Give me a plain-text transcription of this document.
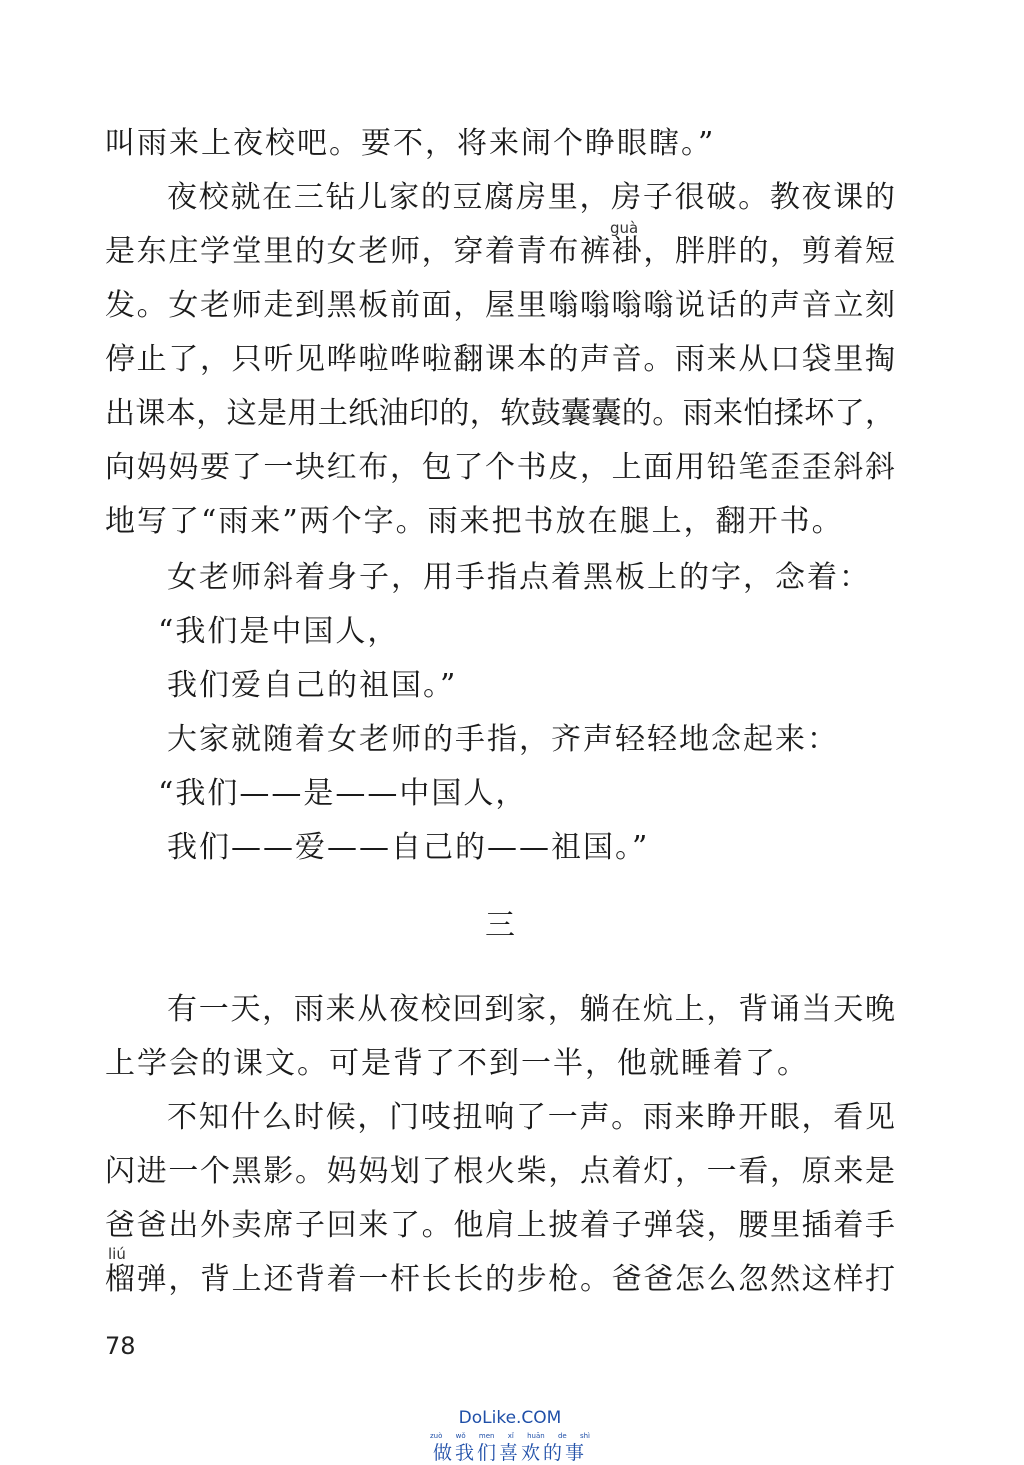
叫雨来上夜校吧。要不，将来闹个睁眼瞎。”
夜校就在三钻儿家的豆腐房里，房子很破。教夜课的
guà
是东庄学堂里的女老师，穿着青布裤褂，胖胖的，剪着短
发。女老师走到黑板前面，屋里嗡嗡嗡嗡说话的声音立刻
停止了，只听见哗啦哗啦翻课本的声音。雨来从口袋里掏
出课本，这是用土纸油印的，软鼓囊囊的。雨来怕揉坏了，
向妈妈要了一块红布，包了个书皮，上面用铅笔歪歪斜斜
地写了“雨来”两个字。雨来把书放在腿上，翻开书。
女老师斜着身子，用手指点着黑板上的字，念着：
“我们是中国人，
我们爱自己的祖国。”
大家就随着女老师的手指，齐声轻轻地念起来：
“我们——是——中国人，
我们——爱——自己的——祖国。”
三
有一天，雨来从夜校回到家，躺在炕上，背诵当天晚
上学会的课文。可是背了不到一半，他就睡着了。
不知什么时候，门吱扭响了一声。雨来睁开眼，看见
闪进一个黑影。妈妈划了根火柴，点着灯，一看，原来是
爸爸出外卖席子回来了。他肩上披着子弹袋，腰里插着手
liú
榴弹，背上还背着一杆长长的步枪。爸爸怎么忽然这样打
78
DoLike.COM
zuò wǒ men xǐ huān de shì
做我们喜欢的事
